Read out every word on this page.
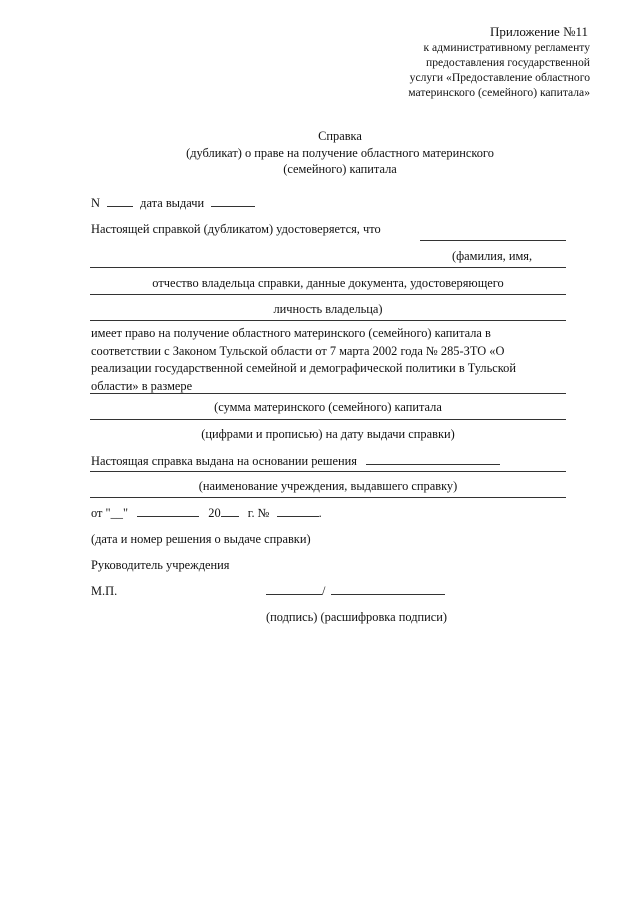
Приложение №11
к административному регламенту
предоставления государственной
услуги «Предоставление областного
материнского (семейного) капитала»
Справка
(дубликат) о праве на получение областного материнского
(семейного) капитала
N	дата выдачи
Настоящей справкой (дубликатом) удостоверяется, что
(фамилия, имя,
отчество владельца справки, данные документа, удостоверяющего
личность владельца)
имеет право на получение областного материнского (семейного) капитала в соответствии с Законом Тульской области от 7 марта 2002 года № 285-ЗТО «О реализации государственной семейной и демографической политики в Тульской области» в размере
(сумма материнского (семейного) капитала
(цифрами и прописью) на дату выдачи справки)
Настоящая справка выдана на основании решения
(наименование учреждения, выдавшего справку)
от "__"	20 г. №	.
(дата и номер решения о выдаче справки)
Руководитель учреждения
М.П.	/
(подпись) (расшифровка подписи)
